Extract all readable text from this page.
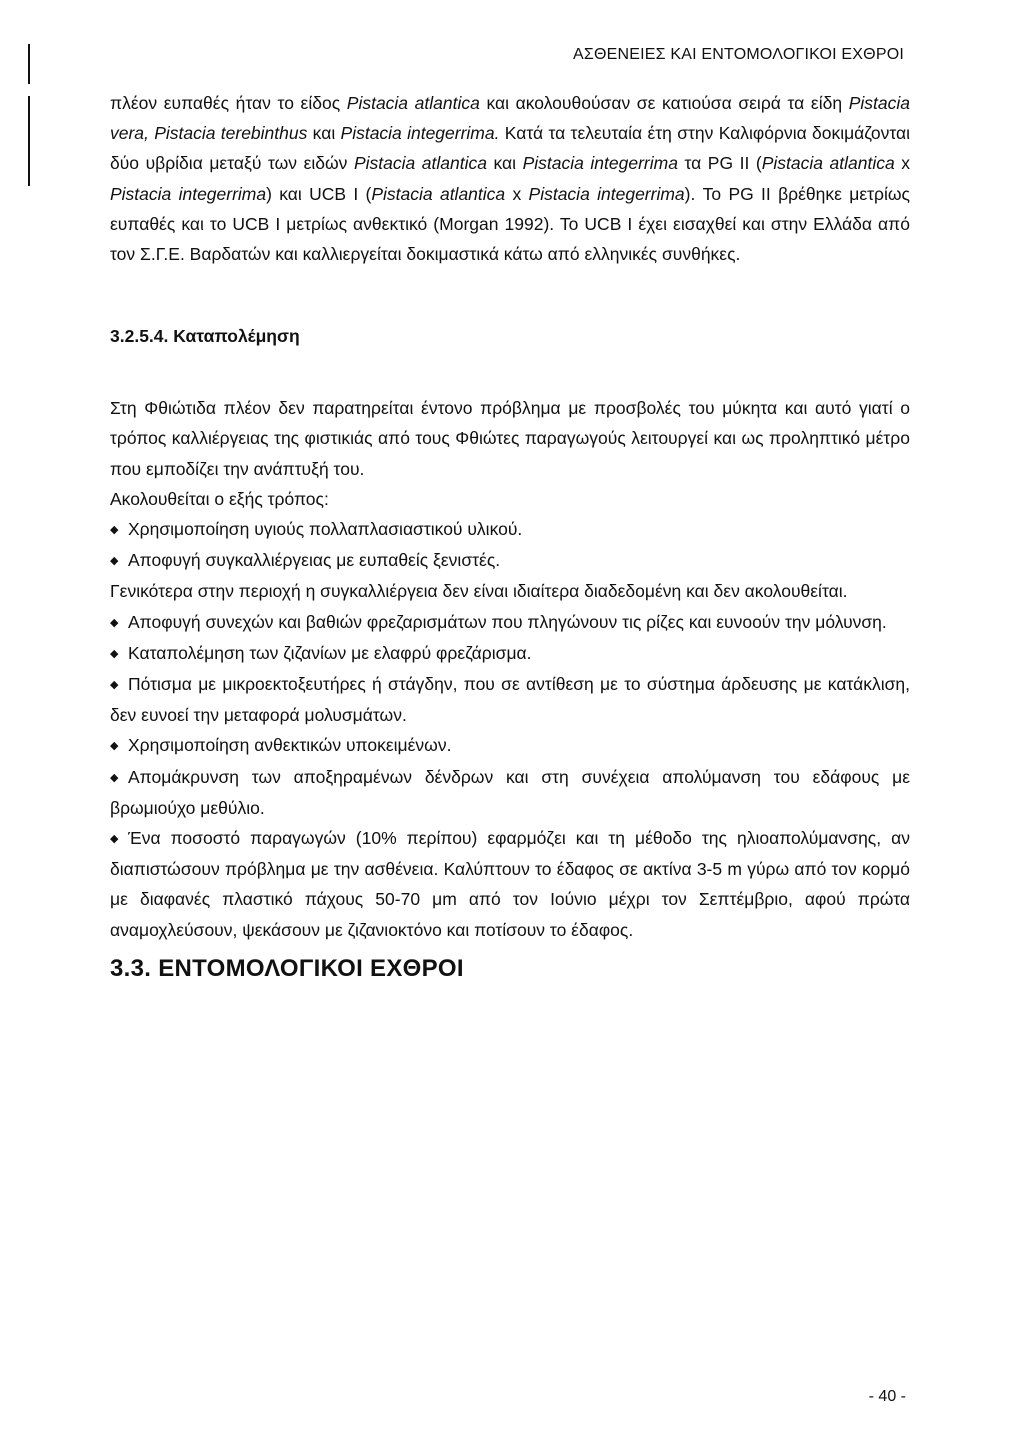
ΑΣΘΕΝΕΙΕΣ ΚΑΙ ΕΝΤΟΜΟΛΟΓΙΚΟΙ ΕΧΘΡΟΙ

πλέον ευπαθές ήταν το είδος Pistacia atlantica και ακολουθούσαν σε κατιούσα σειρά τα είδη Pistacia vera, Pistacia terebinthus και Pistacia integerrima. Κατά τα τελευταία έτη στην Καλιφόρνια δοκιμάζονται δύο υβρίδια μεταξύ των ειδών Pistacia atlantica και Pistacia integerrima τα PG II (Pistacia atlantica x Pistacia integerrima) και UCB I (Pistacia atlantica x Pistacia integerrima). Το PG II βρέθηκε μετρίως ευπαθές και το UCB I μετρίως ανθεκτικό (Morgan 1992). Το UCB I έχει εισαχθεί και στην Ελλάδα από τον Σ.Γ.Ε. Βαρδατών και καλλιεργείται δοκιμαστικά κάτω από ελληνικές συνθήκες.

3.2.5.4. Καταπολέμηση

Στη Φθιώτιδα πλέον δεν παρατηρείται έντονο πρόβλημα με προσβολές του μύκητα και αυτό γιατί ο τρόπος καλλιέργειας της φιστικιάς από τους Φθιώτες παραγωγούς λειτουργεί και ως προληπτικό μέτρο που εμποδίζει την ανάπτυξή του.

Ακολουθείται ο εξής τρόπος:

◆ Χρησιμοποίηση υγιούς πολλαπλασιαστικού υλικού.

◆ Αποφυγή συγκαλλιέργειας με ευπαθείς ξενιστές.

Γενικότερα στην περιοχή η συγκαλλιέργεια δεν είναι ιδιαίτερα διαδεδομένη και δεν ακολουθείται.

◆ Αποφυγή συνεχών και βαθιών φρεζαρισμάτων που πληγώνουν τις ρίζες και ευνοούν την μόλυνση.

◆ Καταπολέμηση των ζιζανίων με ελαφρύ φρεζάρισμα.

◆ Πότισμα με μικροεκτοξευτήρες ή στάγδην, που σε αντίθεση με το σύστημα άρδευσης με κατάκλιση, δεν ευνοεί την μεταφορά μολυσμάτων.

◆ Χρησιμοποίηση ανθεκτικών υποκειμένων.

◆ Απομάκρυνση των αποξηραμένων δένδρων και στη συνέχεια απολύμανση του εδάφους με βρωμιούχο μεθύλιο.

◆ Ένα ποσοστό παραγωγών (10% περίπου) εφαρμόζει και τη μέθοδο της ηλιοαπολύμανσης, αν διαπιστώσουν πρόβλημα με την ασθένεια. Καλύπτουν το έδαφος σε ακτίνα 3-5 m γύρω από τον κορμό με διαφανές πλαστικό πάχους 50-70 μm από τον Ιούνιο μέχρι τον Σεπτέμβριο, αφού πρώτα αναμοχλεύσουν, ψεκάσουν με ζιζανιοκτόνο και ποτίσουν το έδαφος.

3.3. ΕΝΤΟΜΟΛΟΓΙΚΟΙ ΕΧΘΡΟΙ
- 40 -
